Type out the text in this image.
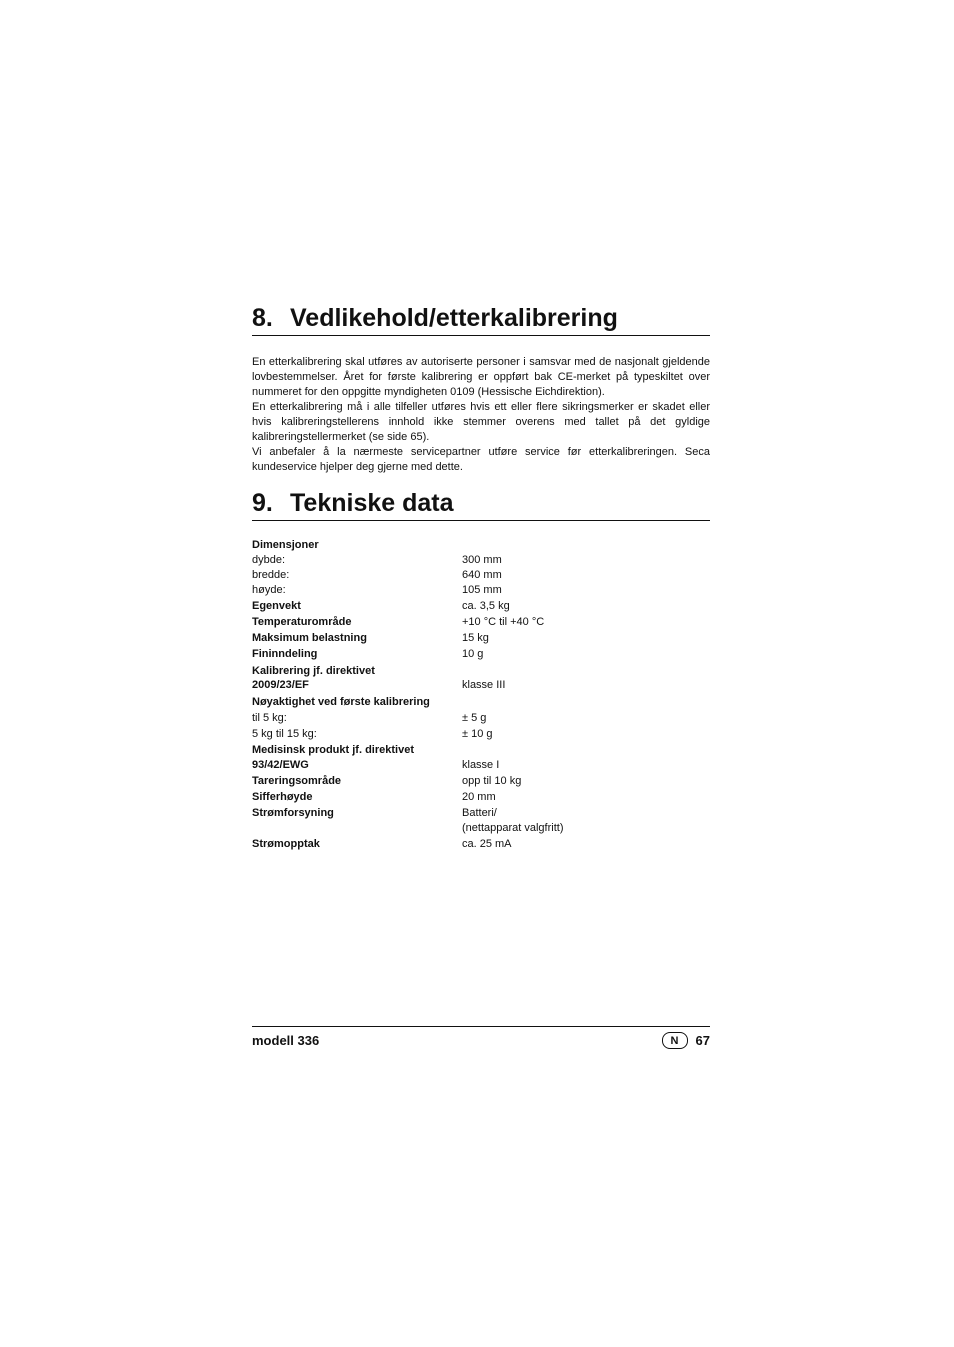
8. Vedlikehold/etterkalibrering

En etterkalibrering skal utføres av autoriserte personer i samsvar med de nasjonalt gjeldende lovbestemmelser. Året for første kalibrering er oppført bak CE-merket på typeskiltet over nummeret for den oppgitte myndigheten 0109 (Hessische Eichdirektion).

En etterkalibrering må i alle tilfeller utføres hvis ett eller flere sikringsmerker er skadet eller hvis kalibreringstellerens innhold ikke stemmer overens med tallet på det gyldige kalibreringstellermerket (se side 65).

Vi anbefaler å la nærmeste servicepartner utføre service før etterkalibreringen. Seca kundeservice hjelper deg gjerne med dette.

9. Tekniske data
Dimensjoner
dybde:	300 mm
bredde:	640 mm
høyde:	105 mm
Egenvekt	ca. 3,5 kg
Temperaturområde	+10 °C til +40 °C
Maksimum belastning	15 kg
Fininndeling	10 g
Kalibrering jf. direktivet
2009/23/EF	klasse III
Nøyaktighet ved første kalibrering
til 5 kg:	± 5 g
5 kg til 15 kg:	± 10 g
Medisinsk produkt jf. direktivet
93/42/EWG	klasse I
Tareringsområde	opp til 10 kg
Sifferhøyde	20 mm
Strømforsyning	Batteri/
(nettapparat valgfritt)
Strømopptak	ca. 25 mA
modell 336	N	67
